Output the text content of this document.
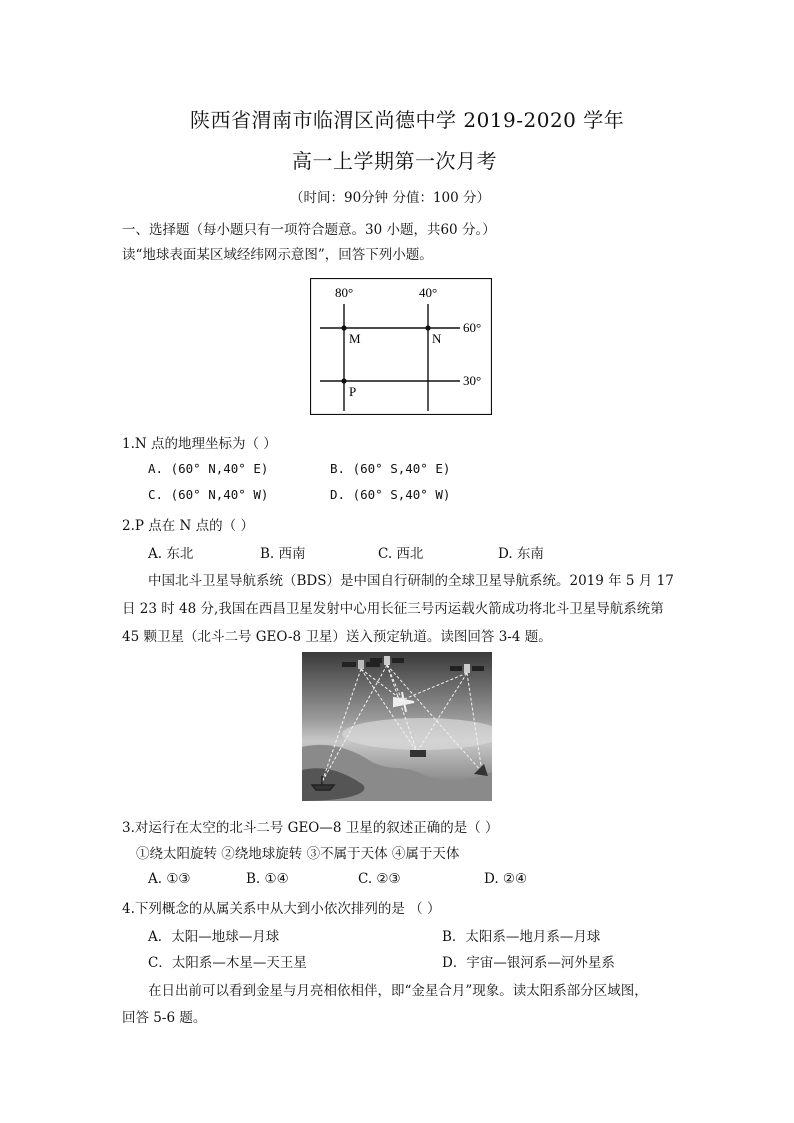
陕西省渭南市临渭区尚德中学 2019-2020 学年
高一上学期第一次月考
（时间：90分钟 分值：100 分）
一、选择题（每小题只有一项符合题意。30 小题，共60 分。）
读“地球表面某区域经纬网示意图”，回答下列小题。
80°	40°
60°
30°
M	N
P
1.N 点的地理坐标为（ ）
A. (60° N,40° E)	B. (60° S,40° E)
C. (60° N,40° W)	D. (60° S,40° W)
2.P 点在 N 点的（ ）
A. 东北	B. 西南	C. 西北	D. 东南
中国北斗卫星导航系统（BDS）是中国自行研制的全球卫星导航系统。2019 年 5 月 17
日 23 时 48 分,我国在西昌卫星发射中心用长征三号丙运载火箭成功将北斗卫星导航系统第
45 颗卫星（北斗二号 GEO-8 卫星）送入预定轨道。读图回答 3-4 题。
3.对运行在太空的北斗二号 GEO—8 卫星的叙述正确的是（ ）
①绕太阳旋转 ②绕地球旋转 ③不属于天体 ④属于天体
A. ①③	B. ①④	C. ②③	D. ②④
4.下列概念的从属关系中从大到小依次排列的是 （ ）
A．太阳—地球—月球	B．太阳系—地月系—月球
C．太阳系—木星—天王星	D．宇宙—银河系—河外星系
在日出前可以看到金星与月亮相依相伴，即“金星合月”现象。读太阳系部分区域图，
回答 5-6 题。
